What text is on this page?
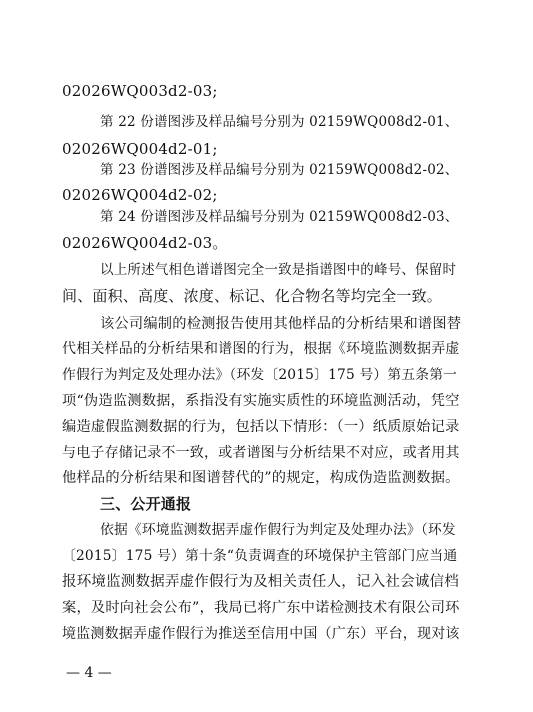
02026WQ003d2-03;
第 22 份谱图涉及样品编号分别为 02159WQ008d2-01、
02026WQ004d2-01;
第 23 份谱图涉及样品编号分别为 02159WQ008d2-02、
02026WQ004d2-02;
第 24 份谱图涉及样品编号分别为 02159WQ008d2-03、
02026WQ004d2-03。
以上所述气相色谱谱图完全一致是指谱图中的峰号、保留时
间、面积、高度、浓度、标记、化合物名等均完全一致。
该公司编制的检测报告使用其他样品的分析结果和谱图替
代相关样品的分析结果和谱图的行为，根据《环境监测数据弄虚
作假行为判定及处理办法》（环发〔2015〕175 号）第五条第一
项“伪造监测数据，系指没有实施实质性的环境监测活动，凭空
编造虚假监测数据的行为，包括以下情形：（一）纸质原始记录
与电子存储记录不一致，或者谱图与分析结果不对应，或者用其
他样品的分析结果和图谱替代的”的规定，构成伪造监测数据。
三、公开通报
依据《环境监测数据弄虚作假行为判定及处理办法》（环发
〔2015〕175 号）第十条“负责调查的环境保护主管部门应当通
报环境监测数据弄虚作假行为及相关责任人，记入社会诚信档
案，及时向社会公布”，我局已将广东中诺检测技术有限公司环
境监测数据弄虚作假行为推送至信用中国（广东）平台，现对该
— 4 —
